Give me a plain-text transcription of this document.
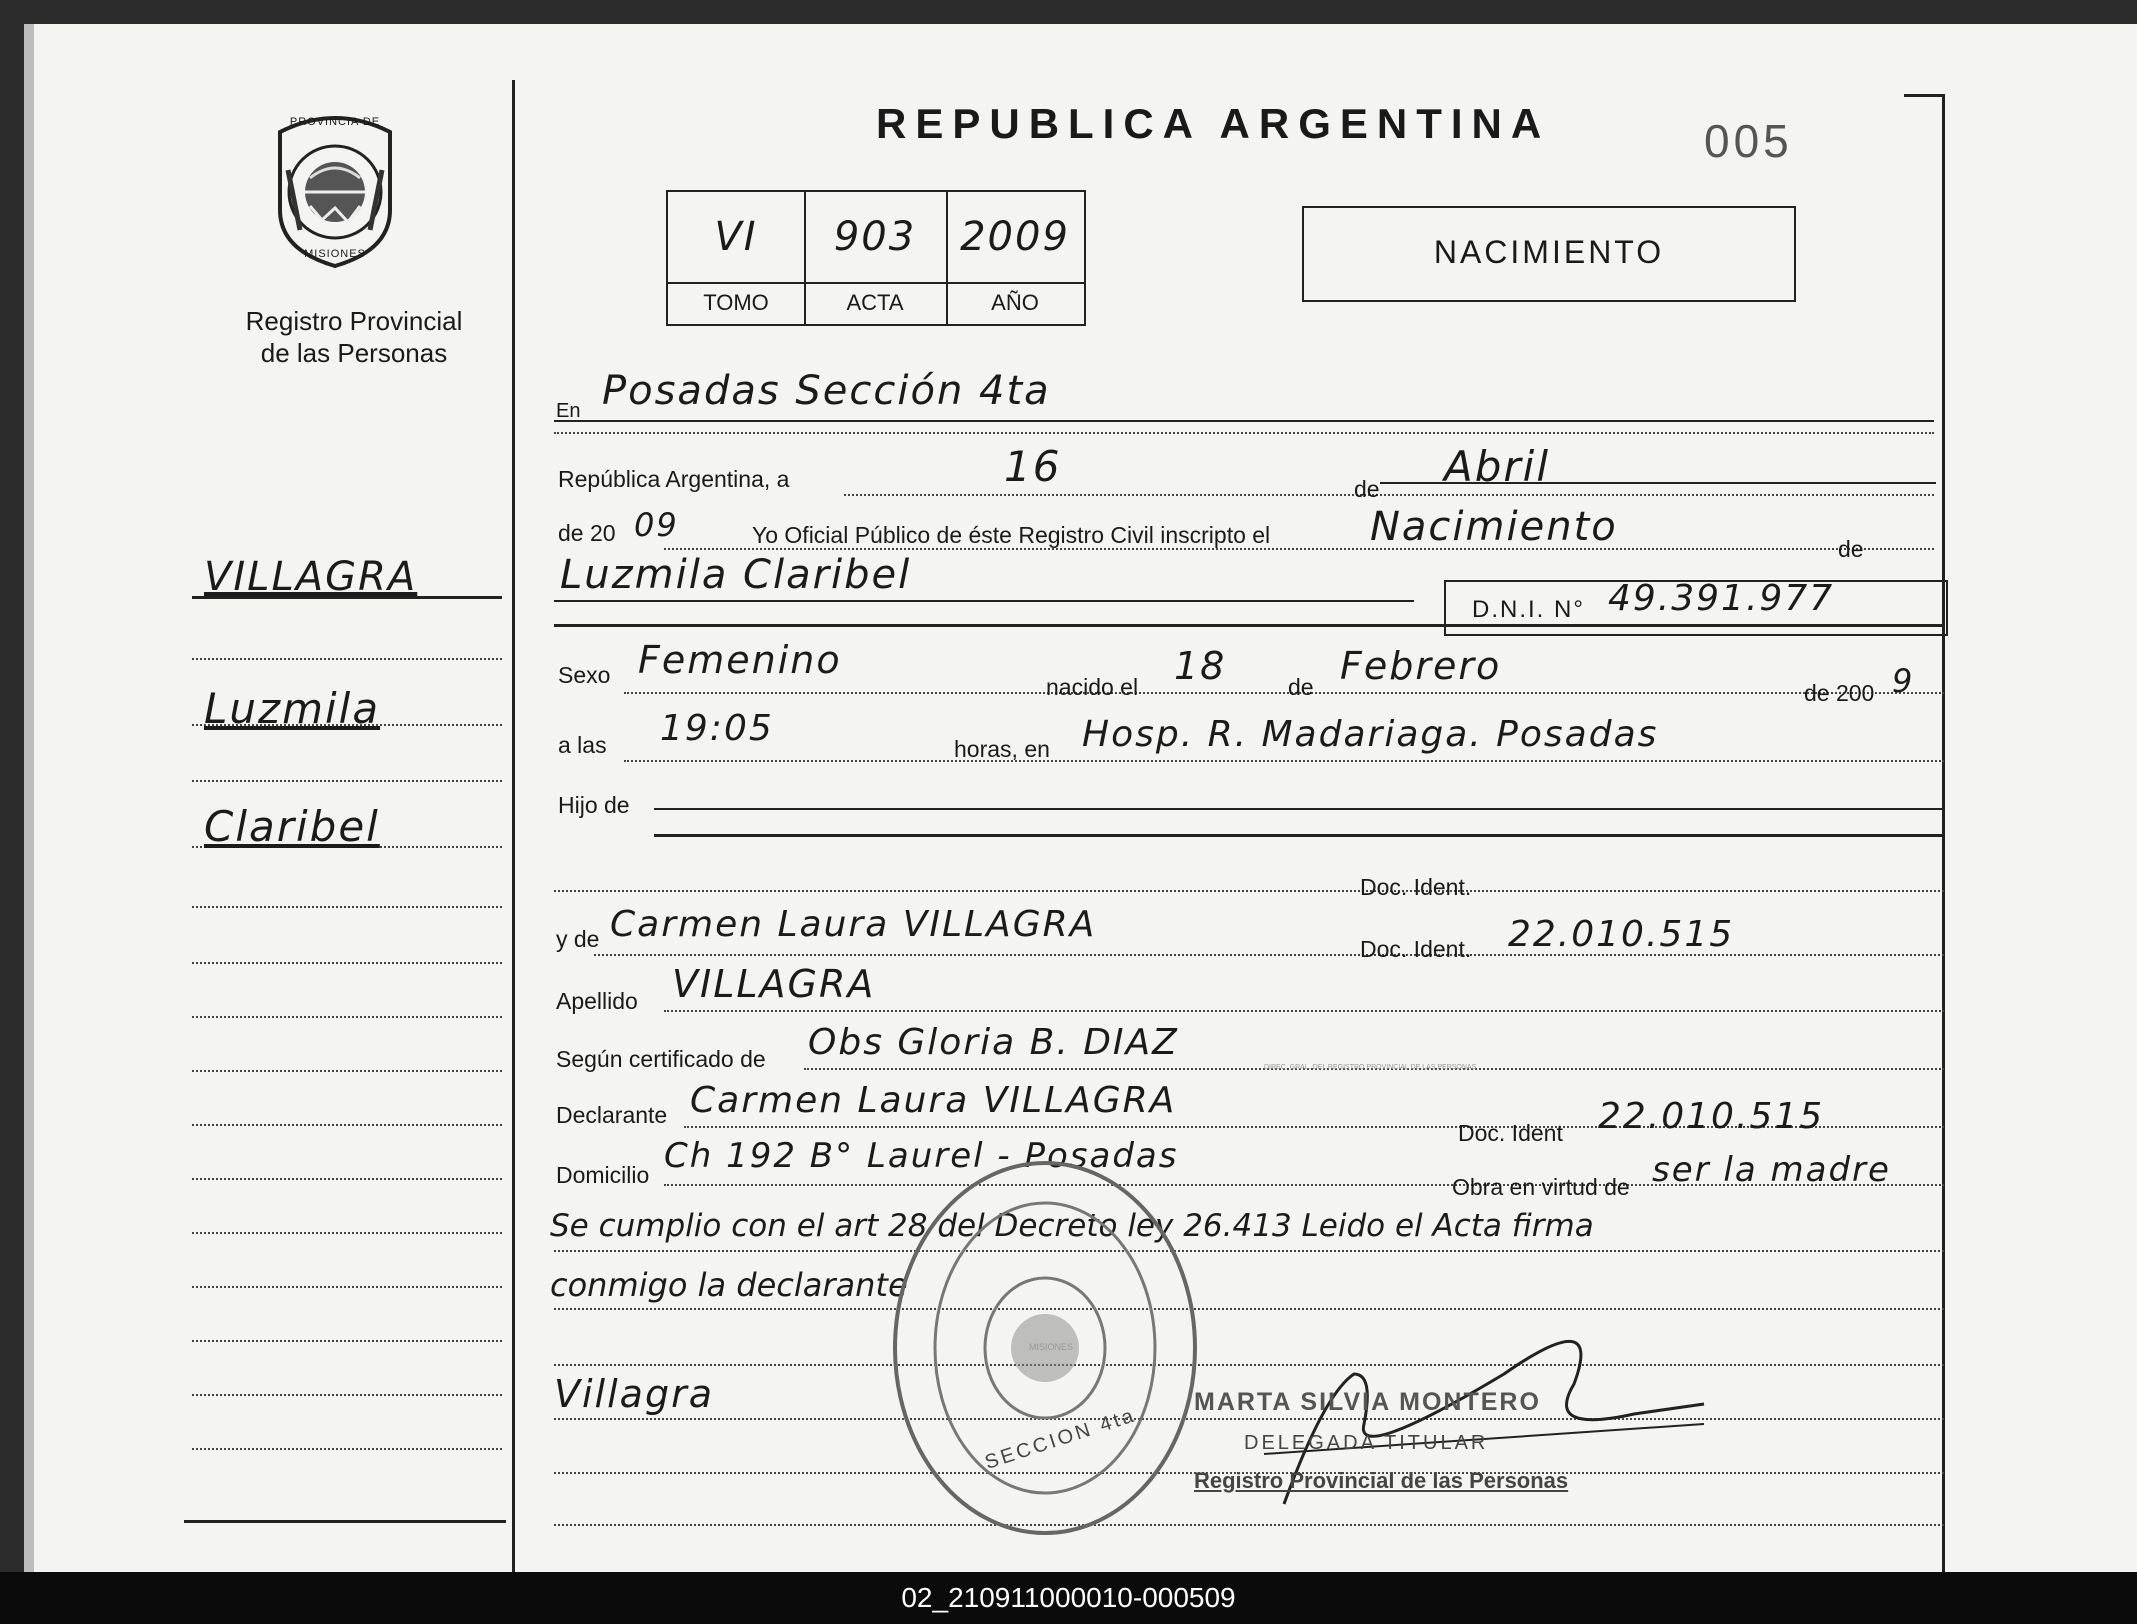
PROVINCIA DE
MISIONES
Registro Provincial
de las Personas
REPUBLICA ARGENTINA	005
VI	903	2009
TOMO	ACTA	AÑO
NACIMIENTO
VILLAGRA
Luzmila
Claribel
En Posadas Sección 4ta
República Argentina, a	16	de Abril
de 20 09	Yo Oficial Público de éste Registro Civil inscripto el Nacimiento	de
Luzmila Claribel
D.N.I. N° 49.391.977
Sexo Femenino
nacido el 18	de Febrero
de 200 9
a las 19:05	horas, en Hosp. R. Madariaga. Posadas
Hijo de
Doc. Ident.
y de Carmen Laura VILLAGRA
Doc. Ident. 22.010.515
Apellido VILLAGRA
Según certificado de Obs Gloria B. DIAZ
Declarante Carmen Laura VILLAGRA
Doc. Ident 22.010.515
Domicilio Ch 192 B° Laurel - Posadas
Obra en virtud de ser la madre
Se cumplio con el art 28 del Decreto ley 26.413 Leido el Acta firma
conmigo la declarante
SECCION 4ta
DIREC. GRAL. DEL REGISTRO PROVINCIAL DE LAS PERSONAS
MISIONES
Villagra	MARTA SILVIA MONTERO
DELEGADA TITULAR
Registro Provincial de las Personas
02_210911000010-000509
